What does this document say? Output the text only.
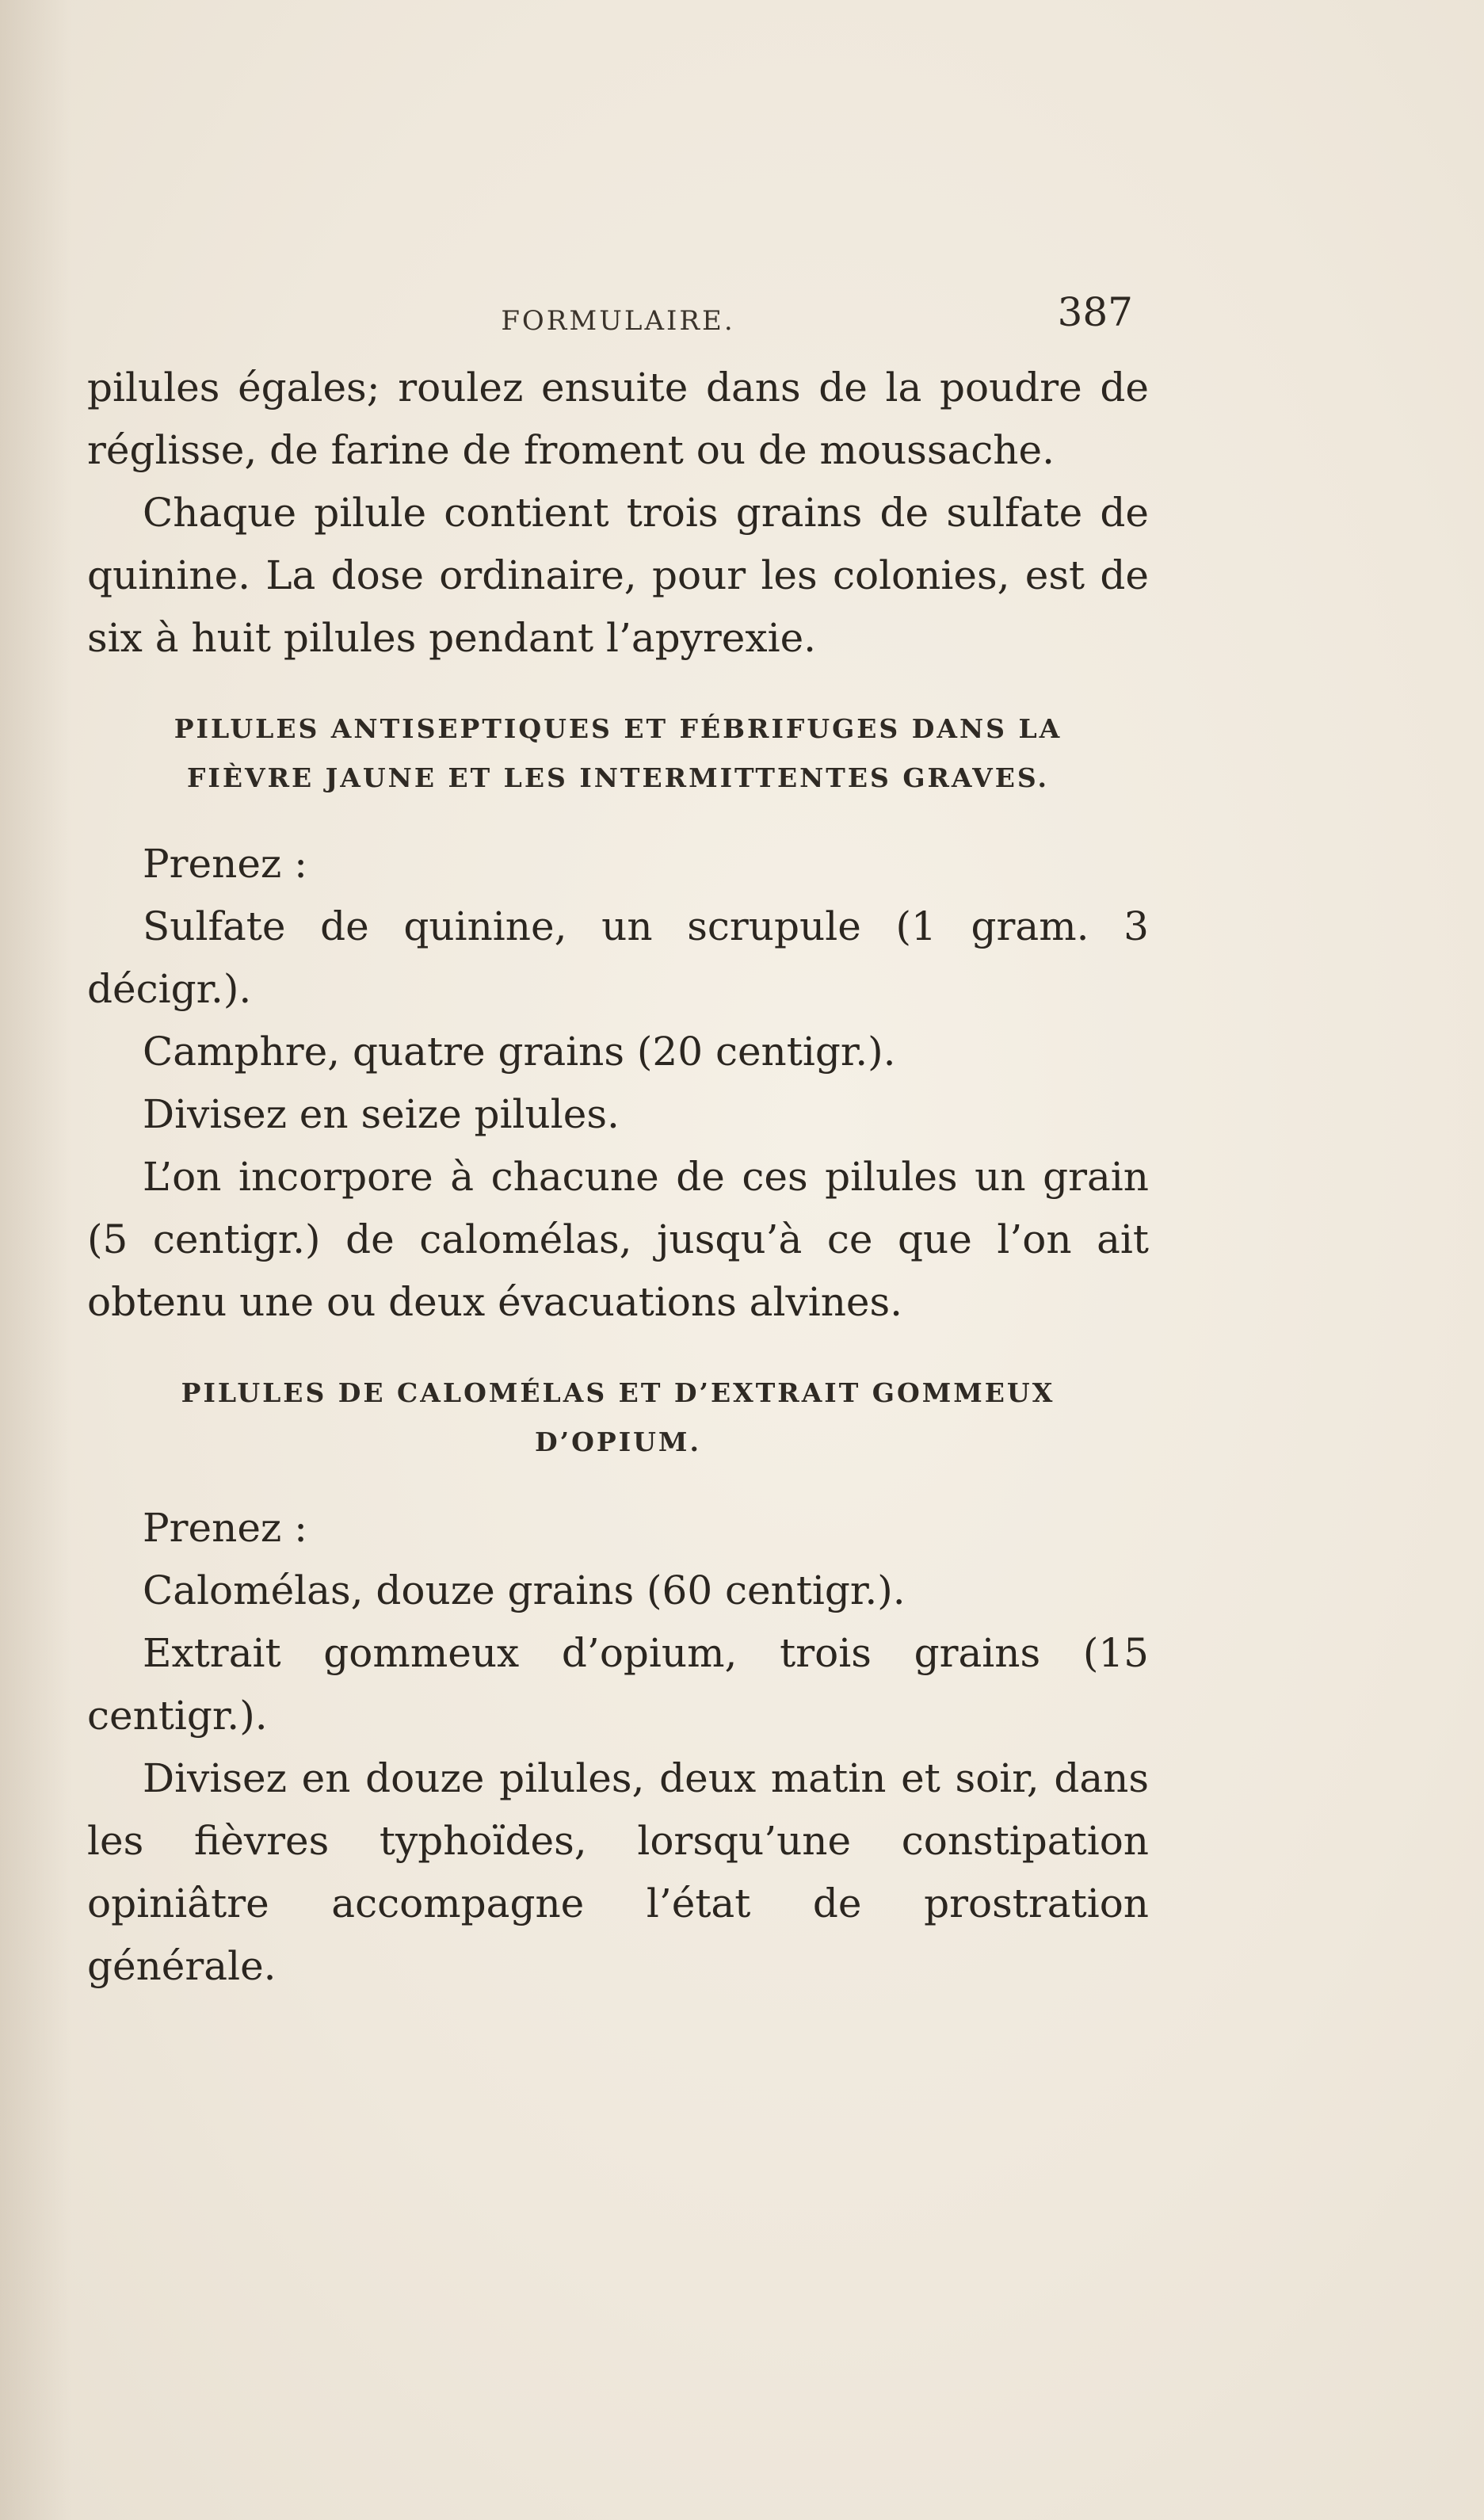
FORMULAIRE.	387

pilules égales; roulez ensuite dans de la poudre de réglisse, de farine de froment ou de moussache.

Chaque pilule contient trois grains de sulfate de quinine. La dose ordinaire, pour les colonies, est de six à huit pilules pendant l’apyrexie.

PILULES ANTISEPTIQUES ET FÉBRIFUGES DANS LA
FIÈVRE JAUNE ET LES INTERMITTENTES GRAVES.

Prenez :

Sulfate de quinine, un scrupule (1 gram. 3 décigr.).

Camphre, quatre grains (20 centigr.).

Divisez en seize pilules.

L’on incorpore à chacune de ces pilules un grain (5 centigr.) de calomélas, jusqu’à ce que l’on ait obtenu une ou deux évacuations alvines.

PILULES DE CALOMÉLAS ET D’EXTRAIT GOMMEUX
D’OPIUM.

Prenez :

Calomélas, douze grains (60 centigr.).

Extrait gommeux d’opium, trois grains (15 centigr.).

Divisez en douze pilules, deux matin et soir, dans les fièvres typhoïdes, lorsqu’une constipation opiniâtre accompagne l’état de prostration générale.
